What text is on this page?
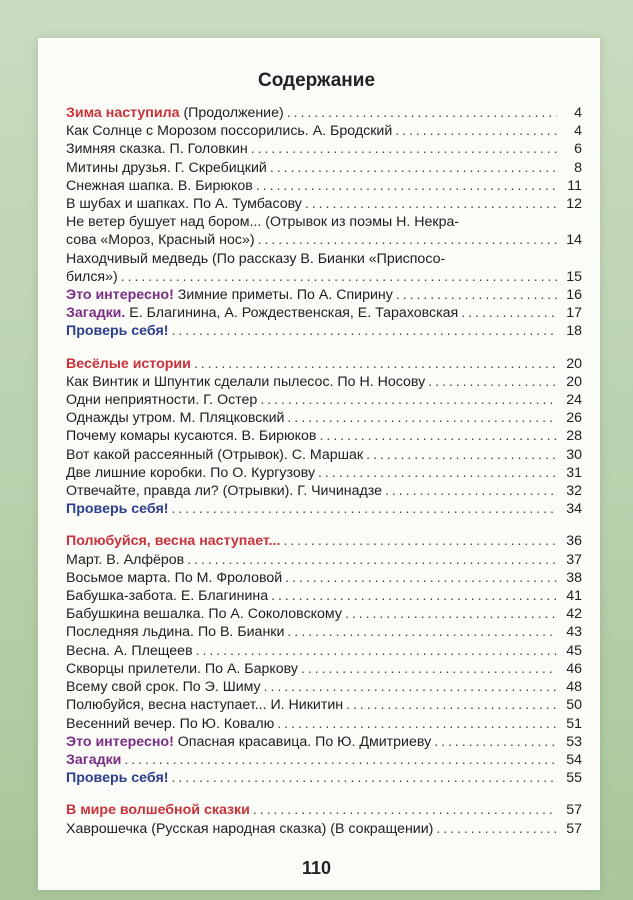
Содержание
Зима наступила (Продолжение) . . .	4
Как Солнце с Морозом поссорились. А. Бродский . . .	4
Зимняя сказка. П. Головкин . . .	6
Митины друзья. Г. Скребицкий . . .	8
Снежная шапка. В. Бирюков . . .	11
В шубах и шапках. По А. Тумбасову . . .	12
Не ветер бушует над бором... (Отрывок из поэмы Н. Некра-
сова «Мороз, Красный нос») . . .	14
Находчивый медведь (По рассказу В. Бианки «Приспосо-
бился») . . .	15
Это интересно! Зимние приметы. По А. Спирину . . .	16
Загадки. Е. Благинина, А. Рождественская, Е. Тараховская . . .	17
Проверь себя! . . .	18
Весёлые истории . . .	20
Как Винтик и Шпунтик сделали пылесос. По Н. Носову . . .	20
Одни неприятности. Г. Остер . . .	24
Однажды утром. М. Пляцковский . . .	26
Почему комары кусаются. В. Бирюков . . .	28
Вот какой рассеянный (Отрывок). С. Маршак . . .	30
Две лишние коробки. По О. Кургузову . . .	31
Отвечайте, правда ли? (Отрывки). Г. Чичинадзе . . .	32
Проверь себя! . . .	34
Полюбуйся, весна наступает... . . .	36
Март. В. Алфёров . . .	37
Восьмое марта. По М. Фроловой . . .	38
Бабушка-забота. Е. Благинина . . .	41
Бабушкина вешалка. По А. Соколовскому . . .	42
Последняя льдина. По В. Бианки . . .	43
Весна. А. Плещеев . . .	45
Скворцы прилетели. По А. Баркову . . .	46
Всему свой срок. По Э. Шиму . . .	48
Полюбуйся, весна наступает... И. Никитин . . .	50
Весенний вечер. По Ю. Ковалю . . .	51
Это интересно! Опасная красавица. По Ю. Дмитриеву . . .	53
Загадки . . .	54
Проверь себя! . . .	55
В мире волшебной сказки . . .	57
Хаврошечка (Русская народная сказка) (В сокращении) . . .	57
110
